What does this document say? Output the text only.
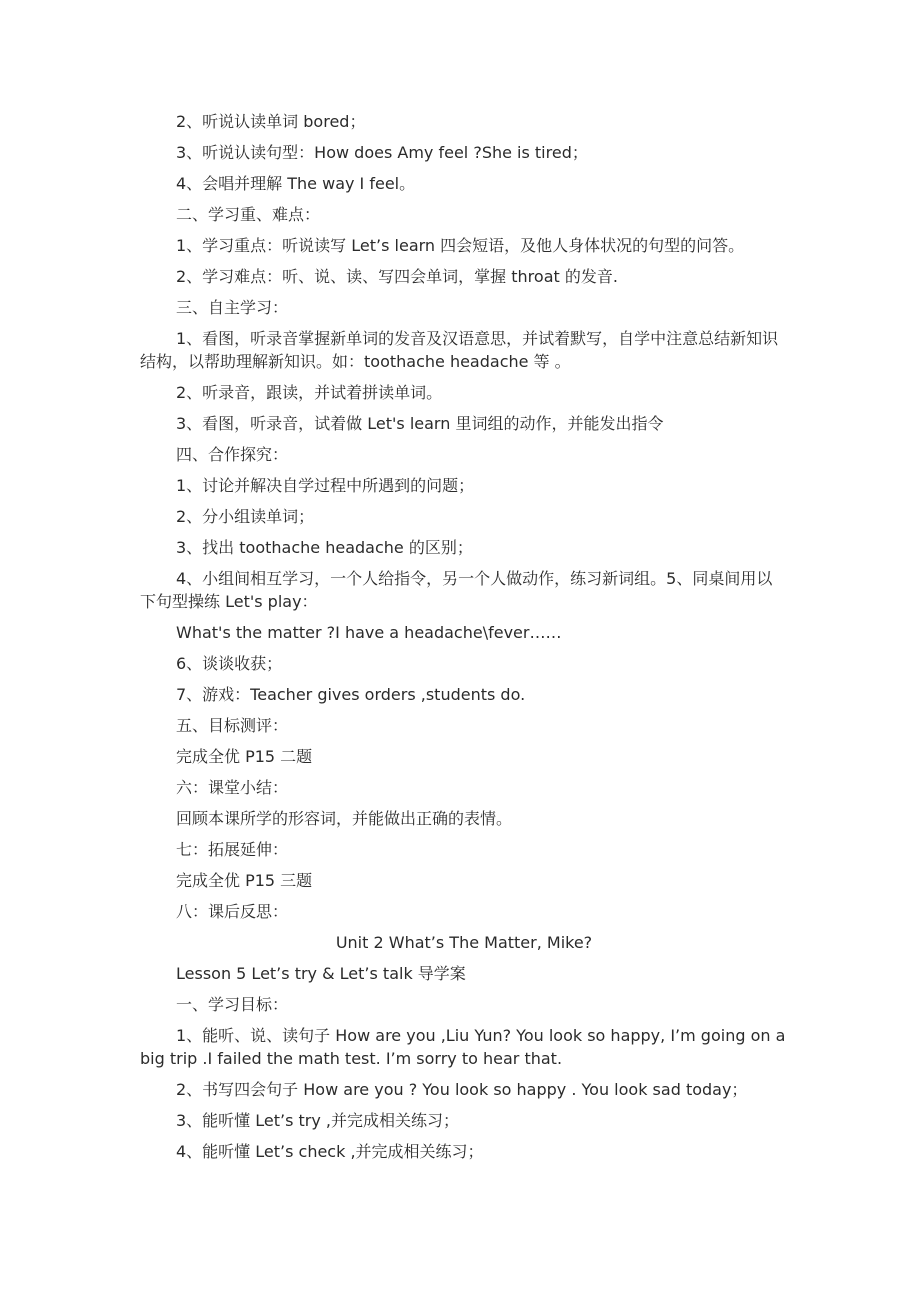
2、听说认读单词 bored；

3、听说认读句型：How does Amy feel ?She is tired；

4、会唱并理解 The way I feel。

二、学习重、难点：

1、学习重点：听说读写 Let’s learn 四会短语，及他人身体状况的句型的问答。

2、学习难点：听、说、读、写四会单词，掌握 throat 的发音.

三、自主学习：

1、看图，听录音掌握新单词的发音及汉语意思，并试着默写，自学中注意总结新知识结构，以帮助理解新知识。如：toothache headache 等 。

2、听录音，跟读，并试着拼读单词。

3、看图，听录音，试着做 Let's learn 里词组的动作，并能发出指令

四、合作探究：

1、讨论并解决自学过程中所遇到的问题；

2、分小组读单词；

3、找出 toothache headache 的区别；

4、小组间相互学习，一个人给指令，另一个人做动作，练习新词组。5、同桌间用以下句型操练 Let's play：

What's the matter ?I have a headache\fever……

6、谈谈收获；

7、游戏：Teacher gives orders ,students do.

五、目标测评：

完成全优 P15 二题

六：课堂小结：

回顾本课所学的形容词，并能做出正确的表情。

七：拓展延伸：

完成全优 P15 三题

八：课后反思：

Unit 2 What’s The Matter, Mike?

Lesson 5 Let’s try & Let’s talk 导学案

一、学习目标：

1、能听、说、读句子 How are you ,Liu Yun? You look so happy, I’m going on a big trip .I failed the math test. I’m sorry to hear that.

2、书写四会句子 How are you ? You look so happy . You look sad today；

3、能听懂 Let’s try ,并完成相关练习；

4、能听懂 Let’s check ,并完成相关练习；
